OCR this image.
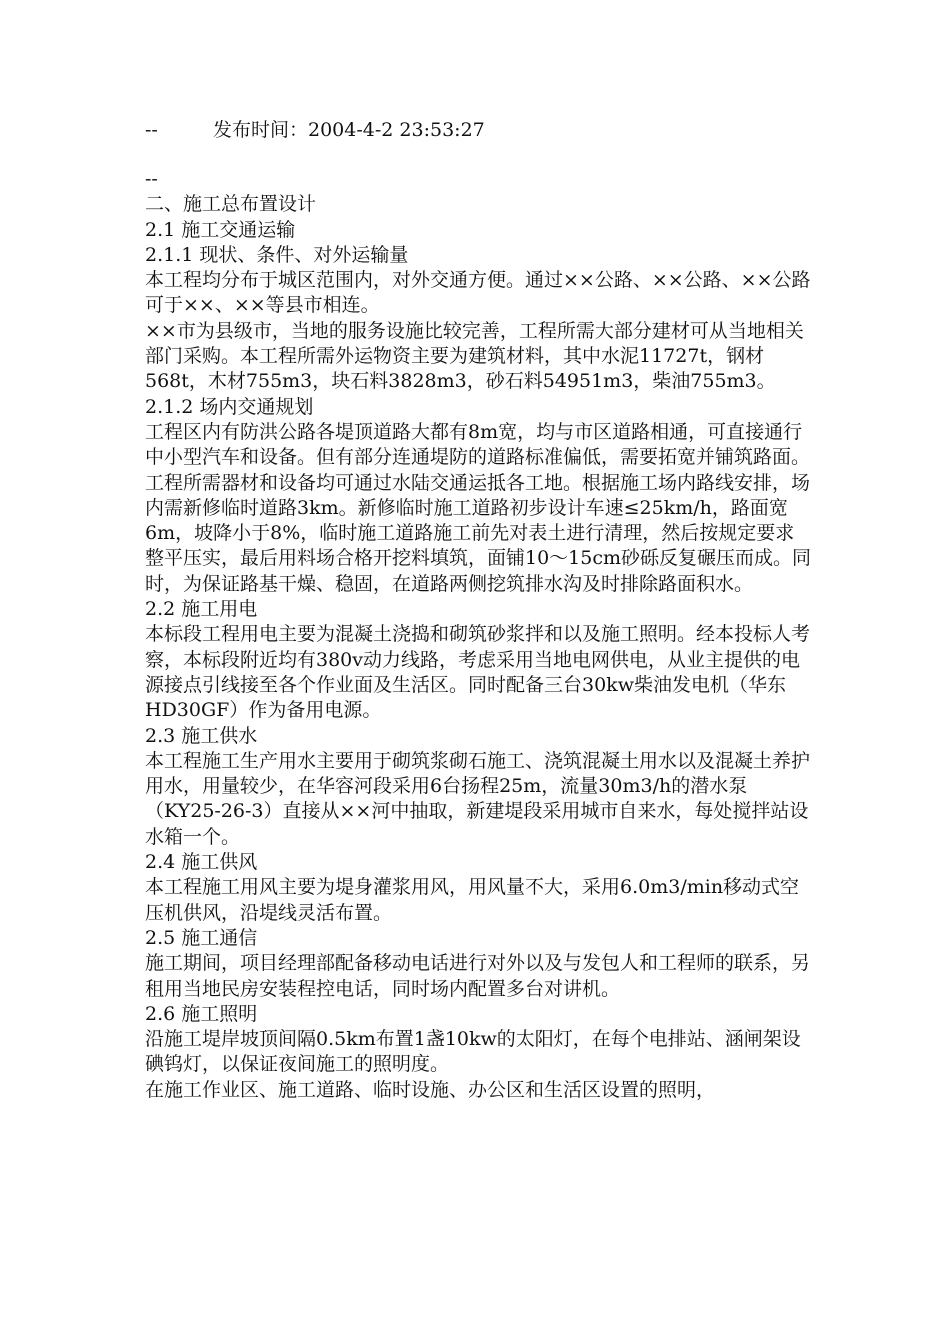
--	发布时间：2004-4-2 23:53:27

--

二、施工总布置设计

2.1 施工交通运输

2.1.1 现状、条件、对外运输量

本工程均分布于城区范围内，对外交通方便。通过××公路、××公路、××公路可于××、××等县市相连。

××市为县级市，当地的服务设施比较完善，工程所需大部分建材可从当地相关部门采购。本工程所需外运物资主要为建筑材料，其中水泥11727t，钢材568t，木材755m3，块石料3828m3，砂石料54951m3，柴油755m3。

2.1.2 场内交通规划

工程区内有防洪公路各堤顶道路大都有8m宽，均与市区道路相通，可直接通行中小型汽车和设备。但有部分连通堤防的道路标准偏低，需要拓宽并铺筑路面。工程所需器材和设备均可通过水陆交通运抵各工地。根据施工场内路线安排，场内需新修临时道路3km。新修临时施工道路初步设计车速≤25km/h，路面宽6m，坡降小于8%，临时施工道路施工前先对表土进行清理，然后按规定要求整平压实，最后用料场合格开挖料填筑，面铺10～15cm砂砾反复碾压而成。同时，为保证路基干燥、稳固，在道路两侧挖筑排水沟及时排除路面积水。

2.2 施工用电

本标段工程用电主要为混凝土浇捣和砌筑砂浆拌和以及施工照明。经本投标人考察，本标段附近均有380v动力线路，考虑采用当地电网供电，从业主提供的电源接点引线接至各个作业面及生活区。同时配备三台30kw柴油发电机（华东HD30GF）作为备用电源。

2.3 施工供水

本工程施工生产用水主要用于砌筑浆砌石施工、浇筑混凝土用水以及混凝土养护用水，用量较少，在华容河段采用6台扬程25m，流量30m3/h的潜水泵（KY25-26-3）直接从××河中抽取，新建堤段采用城市自来水，每处搅拌站设水箱一个。

2.4 施工供风

本工程施工用风主要为堤身灌浆用风，用风量不大，采用6.0m3/min移动式空压机供风，沿堤线灵活布置。

2.5 施工通信

施工期间，项目经理部配备移动电话进行对外以及与发包人和工程师的联系，另租用当地民房安装程控电话，同时场内配置多台对讲机。

2.6 施工照明

沿施工堤岸坡顶间隔0.5km布置1盏10kw的太阳灯，在每个电排站、涵闸架设碘钨灯，以保证夜间施工的照明度。

在施工作业区、施工道路、临时设施、办公区和生活区设置的照明，
